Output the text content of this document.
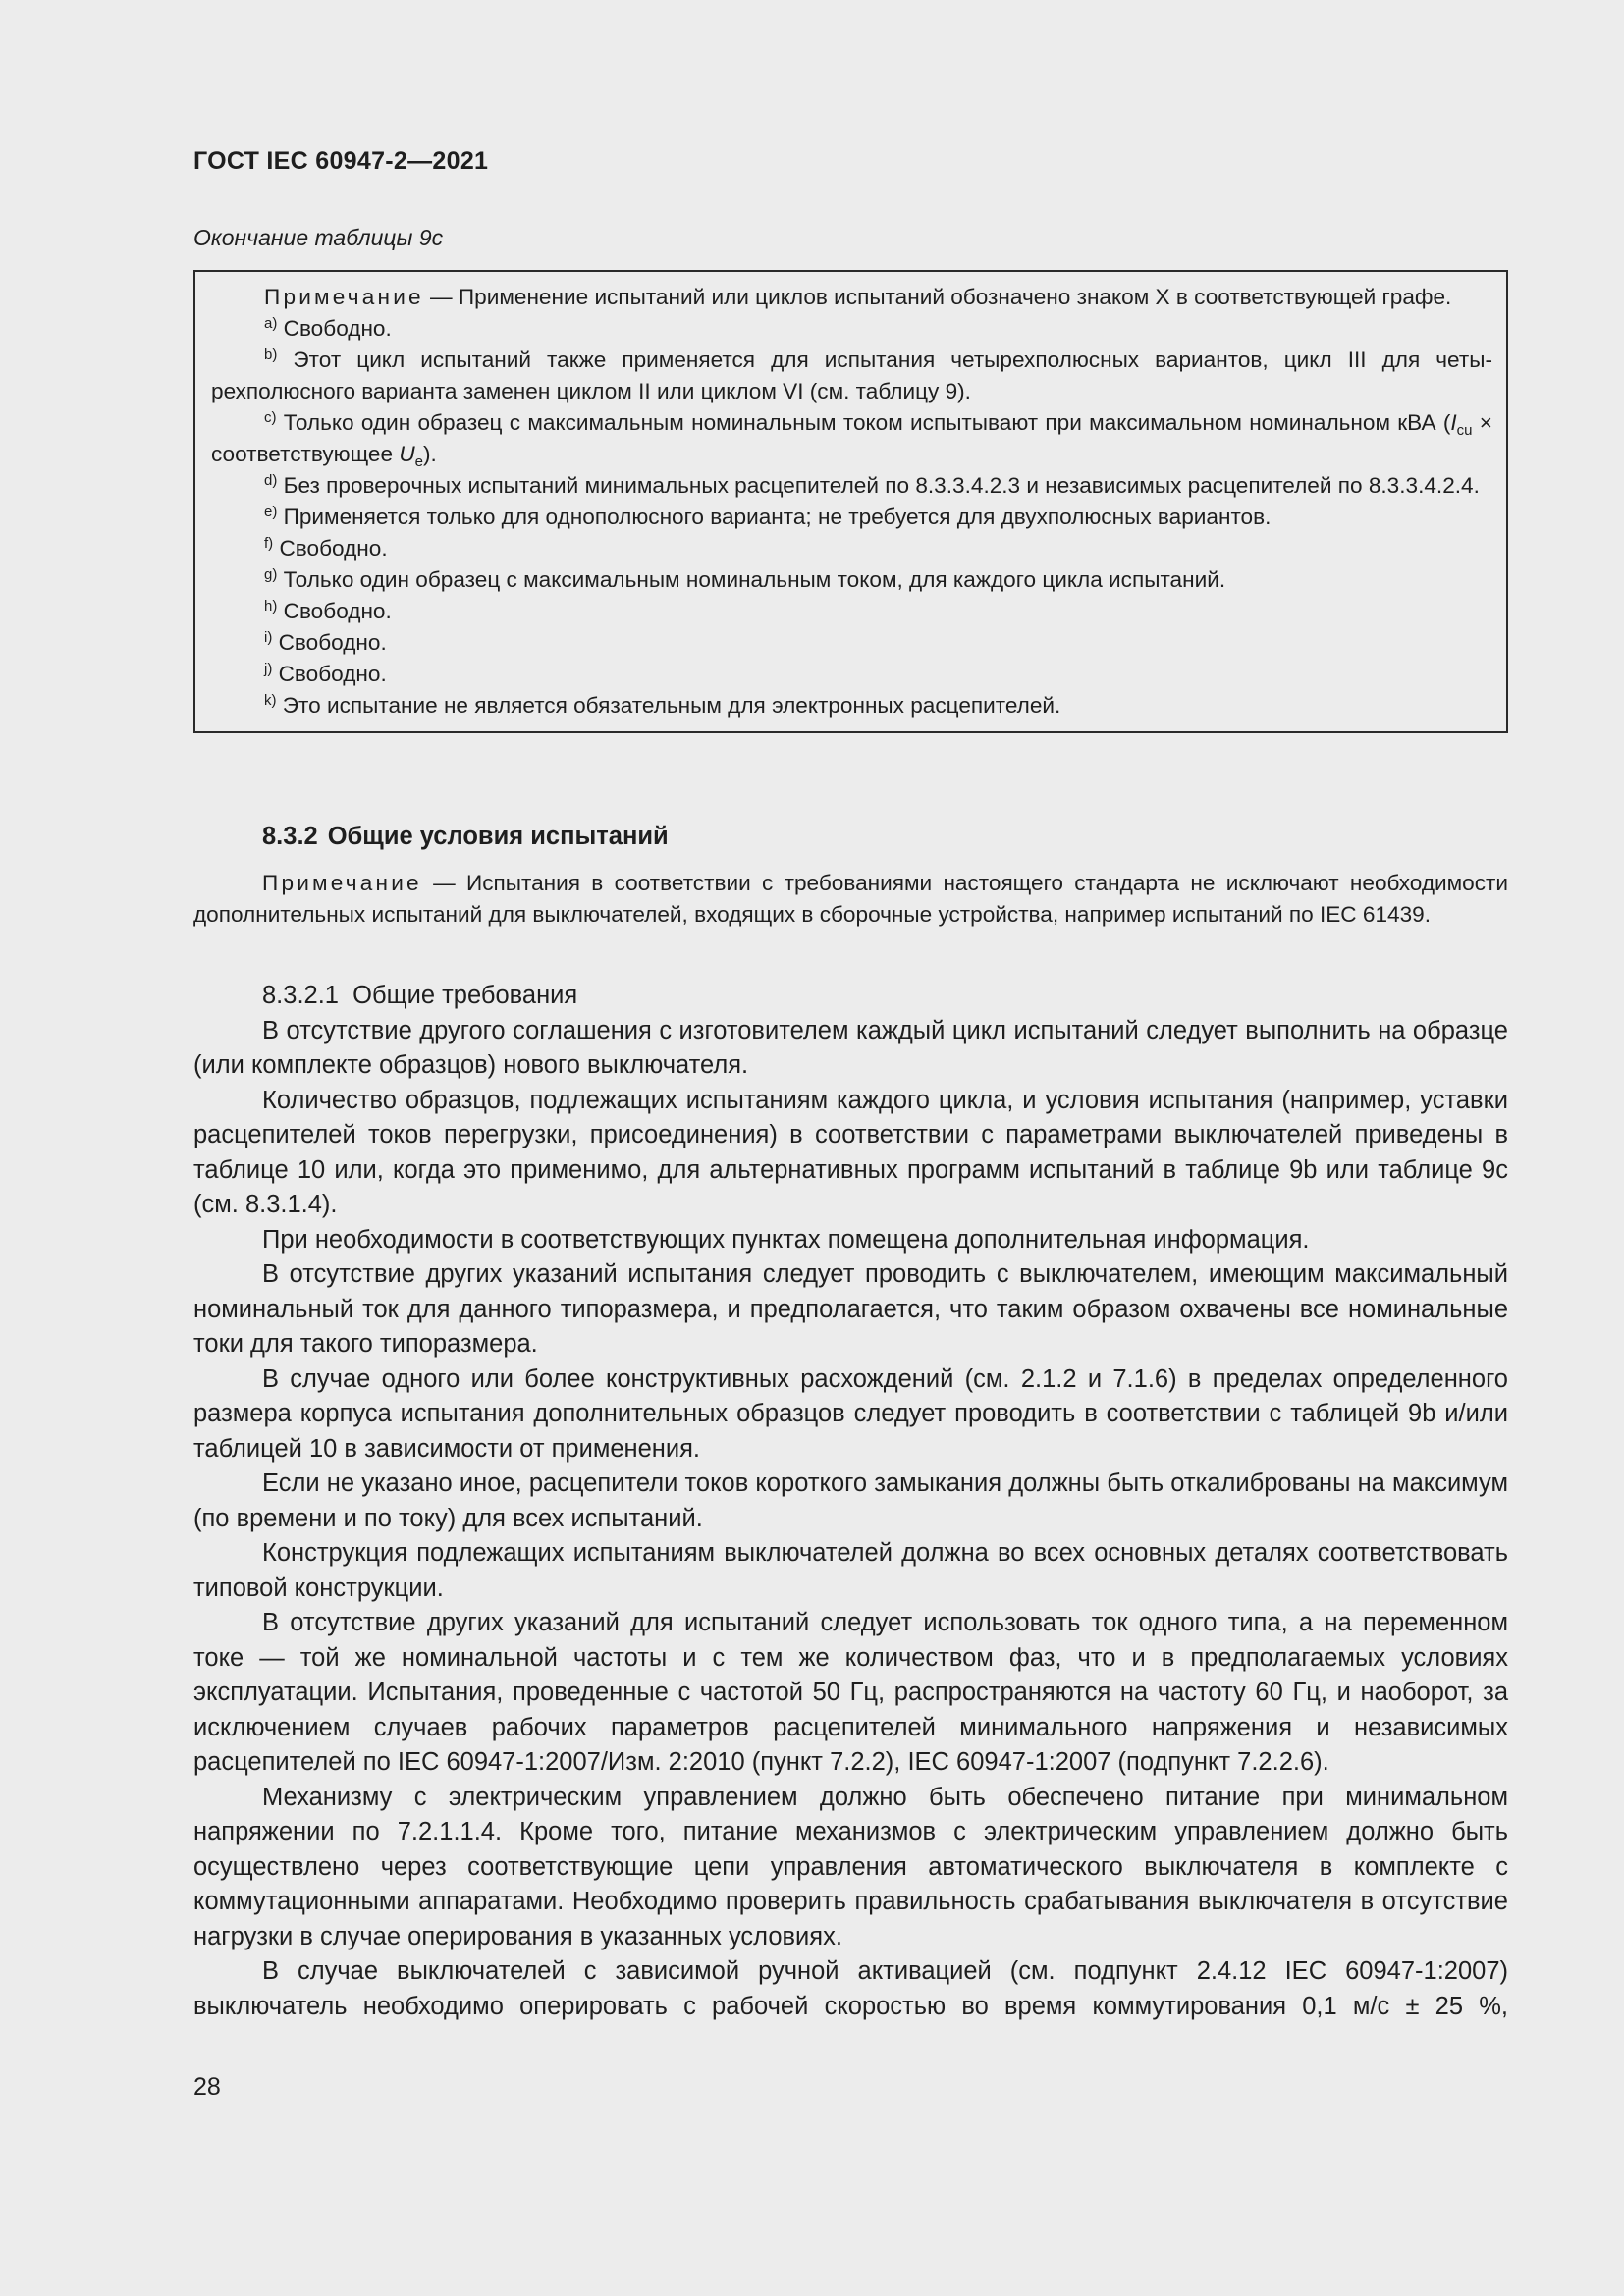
ГОСТ IEC 60947-2—2021
Окончание таблицы 9с

Примечание — Применение испытаний или циклов испытаний обозначено знаком Х в соответствующей графе.

$^{a)}$ Свободно.

$^{b)}$ Этот цикл испытаний также применяется для испытания четырехполюсных вариантов, цикл III для четырехполюсного варианта заменен циклом II или циклом VI (см. таблицу 9).

$^{c)}$ Только один образец с максимальным номинальным током испытывают при максимальном номинальном кВА ($I_{cu}$ × соответствующее $U_e$).

$^{d)}$ Без проверочных испытаний минимальных расцепителей по 8.3.3.4.2.3 и независимых расцепителей по 8.3.3.4.2.4.

$^{e)}$ Применяется только для однополюсного варианта; не требуется для двухполюсных вариантов.

$^{f)}$ Свободно.

$^{g)}$ Только один образец с максимальным номинальным током, для каждого цикла испытаний.

$^{h)}$ Свободно.

$^{i)}$ Свободно.

$^{j)}$ Свободно.

$^{k)}$ Это испытание не является обязательным для электронных расцепителей.

8.3.2 Общие условия испытаний

Примечание — Испытания в соответствии с требованиями настоящего стандарта не исключают необходимости дополнительных испытаний для выключателей, входящих в сборочные устройства, например испытаний по IEC 61439.

8.3.2.1 Общие требования

В отсутствие другого соглашения с изготовителем каждый цикл испытаний следует выполнить на образце (или комплекте образцов) нового выключателя.

Количество образцов, подлежащих испытаниям каждого цикла, и условия испытания (например, уставки расцепителей токов перегрузки, присоединения) в соответствии с параметрами выключателей приведены в таблице 10 или, когда это применимо, для альтернативных программ испытаний в таблице 9b или таблице 9с (см. 8.3.1.4).

При необходимости в соответствующих пунктах помещена дополнительная информация.

В отсутствие других указаний испытания следует проводить с выключателем, имеющим максимальный номинальный ток для данного типоразмера, и предполагается, что таким образом охвачены все номинальные токи для такого типоразмера.

В случае одного или более конструктивных расхождений (см. 2.1.2 и 7.1.6) в пределах определенного размера корпуса испытания дополнительных образцов следует проводить в соответствии с таблицей 9b и/или таблицей 10 в зависимости от применения.

Если не указано иное, расцепители токов короткого замыкания должны быть откалиброваны на максимум (по времени и по току) для всех испытаний.

Конструкция подлежащих испытаниям выключателей должна во всех основных деталях соответствовать типовой конструкции.

В отсутствие других указаний для испытаний следует использовать ток одного типа, а на переменном токе — той же номинальной частоты и с тем же количеством фаз, что и в предполагаемых условиях эксплуатации. Испытания, проведенные с частотой 50 Гц, распространяются на частоту 60 Гц, и наоборот, за исключением случаев рабочих параметров расцепителей минимального напряжения и независимых расцепителей по IEC 60947-1:2007/Изм. 2:2010 (пункт 7.2.2), IEC 60947-1:2007 (подпункт 7.2.2.6).

Механизму с электрическим управлением должно быть обеспечено питание при минимальном напряжении по 7.2.1.1.4. Кроме того, питание механизмов с электрическим управлением должно быть осуществлено через соответствующие цепи управления автоматического выключателя в комплекте с коммутационными аппаратами. Необходимо проверить правильность срабатывания выключателя в отсутствие нагрузки в случае оперирования в указанных условиях.

В случае выключателей с зависимой ручной активацией (см. подпункт 2.4.12 IEC 60947-1:2007) выключатель необходимо оперировать с рабочей скоростью во время коммутирования 0,1 м/с ± 25 %,

28
